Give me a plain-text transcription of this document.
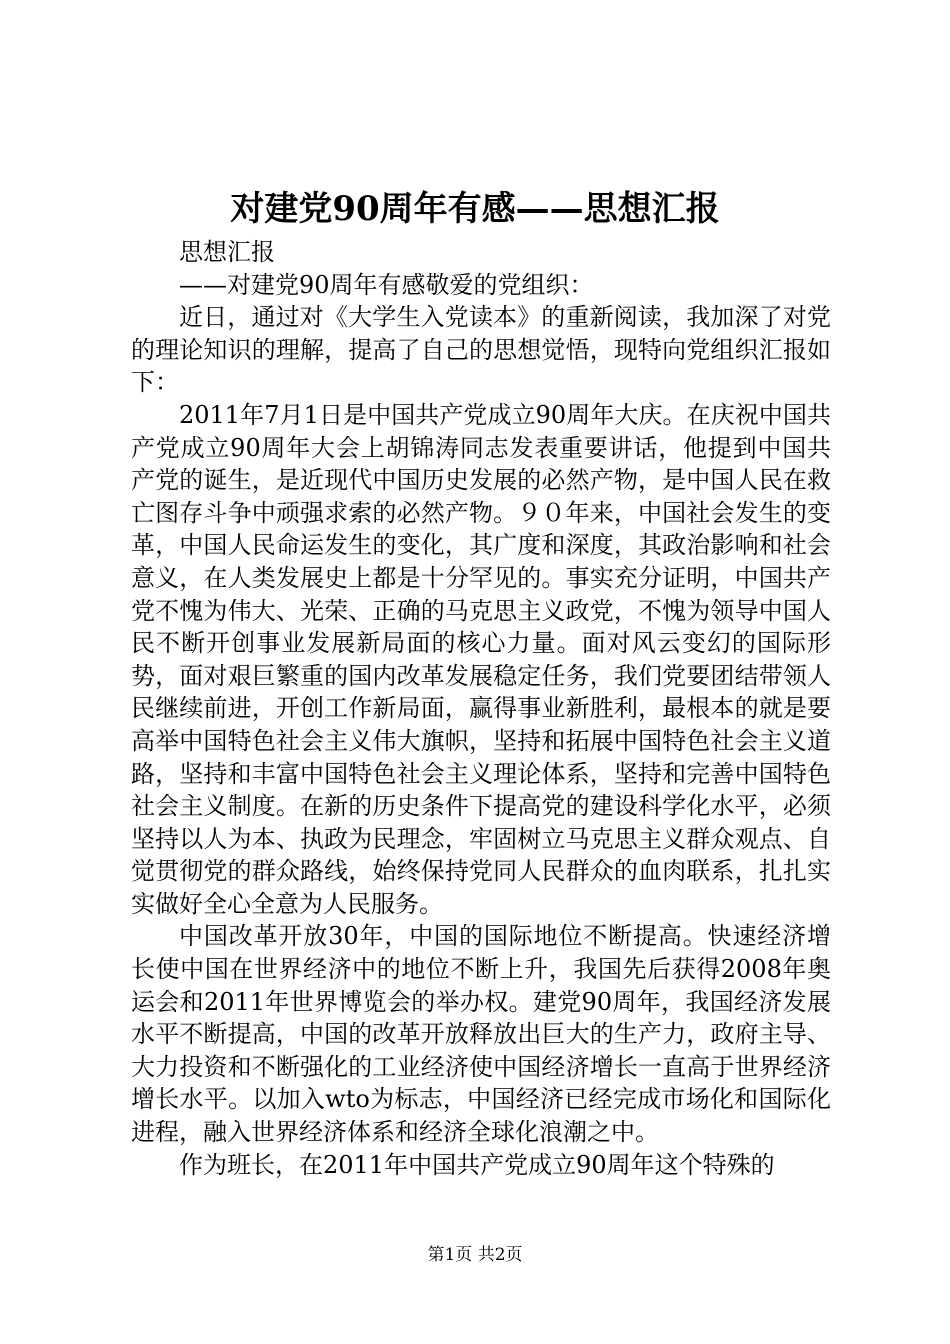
对建党90周年有感——思想汇报

思想汇报

——对建党90周年有感敬爱的党组织：

近日，通过对《大学生入党读本》的重新阅读，我加深了对党的理论知识的理解，提高了自己的思想觉悟，现特向党组织汇报如下：

2011年7月1日是中国共产党成立90周年大庆。在庆祝中国共产党成立90周年大会上胡锦涛同志发表重要讲话，他提到中国共产党的诞生，是近现代中国历史发展的必然产物，是中国人民在救亡图存斗争中顽强求索的必然产物。９０年来，中国社会发生的变革，中国人民命运发生的变化，其广度和深度，其政治影响和社会意义，在人类发展史上都是十分罕见的。事实充分证明，中国共产党不愧为伟大、光荣、正确的马克思主义政党，不愧为领导中国人民不断开创事业发展新局面的核心力量。面对风云变幻的国际形势，面对艰巨繁重的国内改革发展稳定任务，我们党要团结带领人民继续前进，开创工作新局面，赢得事业新胜利，最根本的就是要高举中国特色社会主义伟大旗帜，坚持和拓展中国特色社会主义道路，坚持和丰富中国特色社会主义理论体系，坚持和完善中国特色社会主义制度。在新的历史条件下提高党的建设科学化水平，必须坚持以人为本、执政为民理念，牢固树立马克思主义群众观点、自觉贯彻党的群众路线，始终保持党同人民群众的血肉联系，扎扎实实做好全心全意为人民服务。

中国改革开放30年，中国的国际地位不断提高。快速经济增长使中国在世界经济中的地位不断上升，我国先后获得2008年奥运会和2011年世界博览会的举办权。建党90周年，我国经济发展水平不断提高，中国的改革开放释放出巨大的生产力，政府主导、大力投资和不断强化的工业经济使中国经济增长一直高于世界经济增长水平。以加入wto为标志，中国经济已经完成市场化和国际化进程，融入世界经济体系和经济全球化浪潮之中。

作为班长，在2011年中国共产党成立90周年这个特殊的

第1页 共2页
